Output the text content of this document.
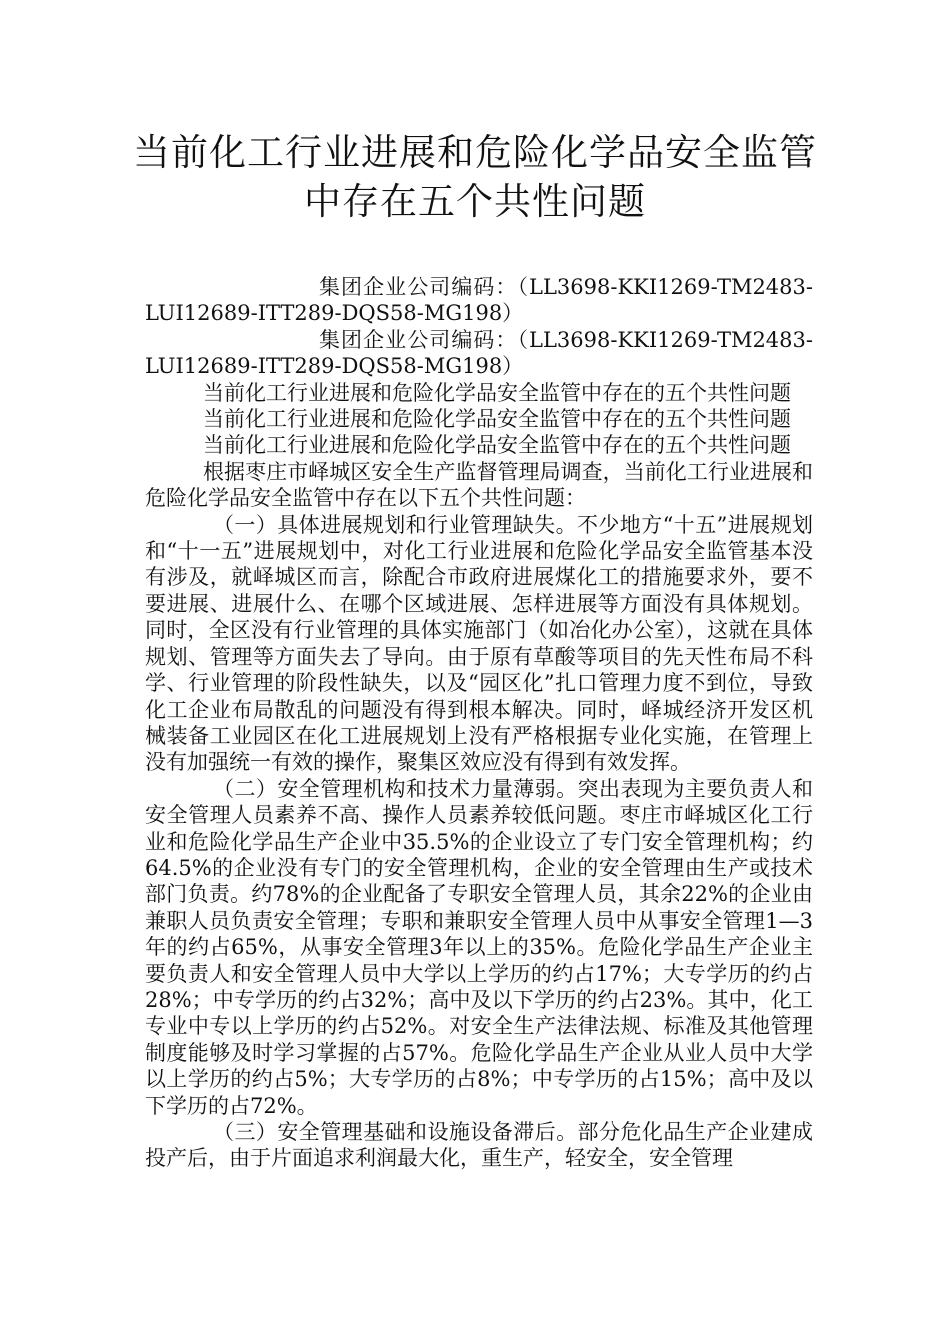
当前化工行业进展和危险化学品安全监管
中存在五个共性问题

集团企业公司编码：（LL3698-KKI1269-TM2483-LUI12689-ITT289-DQS58-MG198）

集团企业公司编码：（LL3698-KKI1269-TM2483-LUI12689-ITT289-DQS58-MG198）

当前化工行业进展和危险化学品安全监管中存在的五个共性问题

当前化工行业进展和危险化学品安全监管中存在的五个共性问题

当前化工行业进展和危险化学品安全监管中存在的五个共性问题

根据枣庄市峄城区安全生产监督管理局调查，当前化工行业进展和危险化学品安全监管中存在以下五个共性问题：

（一）具体进展规划和行业管理缺失。不少地方“十五”进展规划和“十一五”进展规划中，对化工行业进展和危险化学品安全监管基本没有涉及，就峄城区而言，除配合市政府进展煤化工的措施要求外，要不要进展、进展什么、在哪个区域进展、怎样进展等方面没有具体规划。同时，全区没有行业管理的具体实施部门（如冶化办公室），这就在具体规划、管理等方面失去了导向。由于原有草酸等项目的先天性布局不科学、行业管理的阶段性缺失，以及“园区化”扎口管理力度不到位，导致化工企业布局散乱的问题没有得到根本解决。同时，峄城经济开发区机械装备工业园区在化工进展规划上没有严格根据专业化实施，在管理上没有加强统一有效的操作，聚集区效应没有得到有效发挥。

（二）安全管理机构和技术力量薄弱。突出表现为主要负责人和安全管理人员素养不高、操作人员素养较低问题。枣庄市峄城区化工行业和危险化学品生产企业中35.5%的企业设立了专门安全管理机构；约64.5%的企业没有专门的安全管理机构，企业的安全管理由生产或技术部门负责。约78%的企业配备了专职安全管理人员，其余22%的企业由兼职人员负责安全管理；专职和兼职安全管理人员中从事安全管理1—3年的约占65%，从事安全管理3年以上的35%。危险化学品生产企业主要负责人和安全管理人员中大学以上学历的约占17%；大专学历的约占28%；中专学历的约占32%；高中及以下学历的约占23%。其中，化工专业中专以上学历的约占52%。对安全生产法律法规、标准及其他管理制度能够及时学习掌握的占57%。危险化学品生产企业从业人员中大学以上学历的约占5%；大专学历的占8%；中专学历的占15%；高中及以下学历的占72%。

（三）安全管理基础和设施设备滞后。部分危化品生产企业建成投产后，由于片面追求利润最大化，重生产，轻安全，安全管理
